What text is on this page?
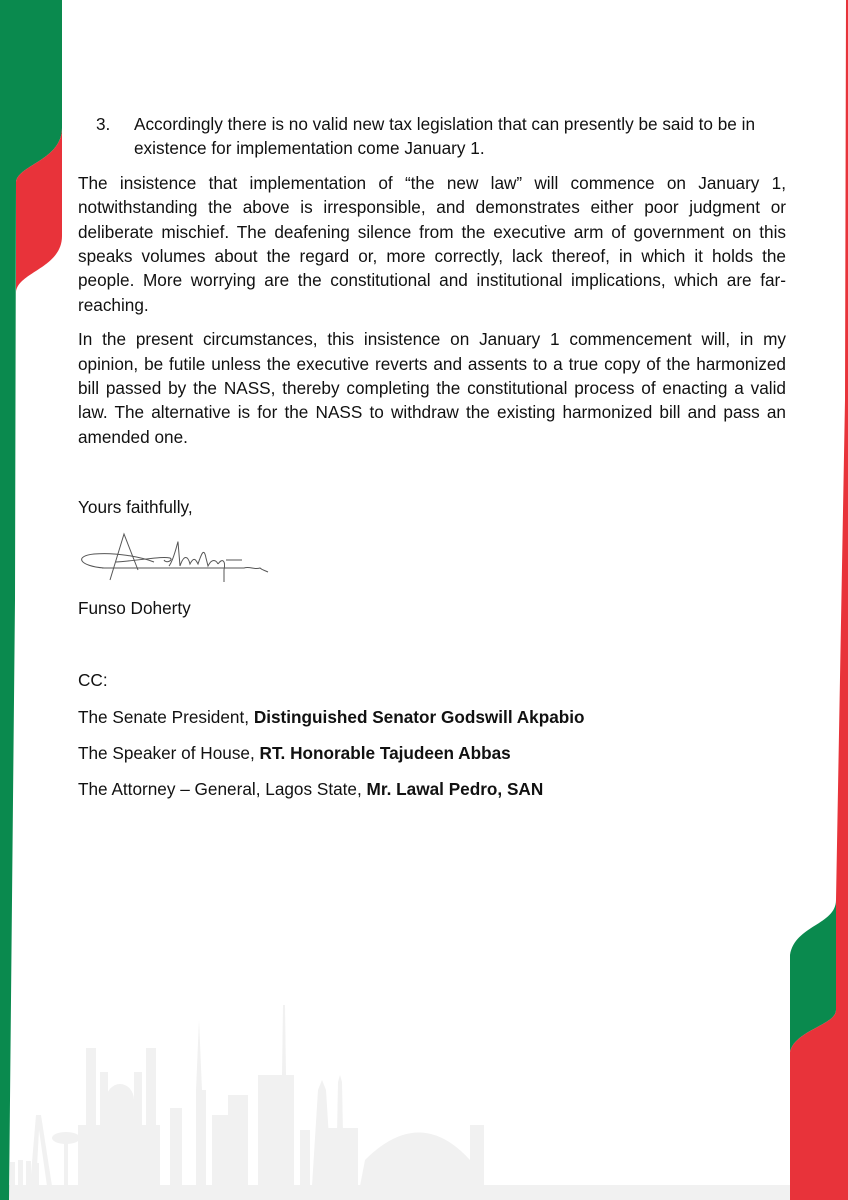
3.	Accordingly there is no valid new tax legislation that can presently be said to be in existence for implementation come January 1.

The insistence that implementation of “the new law” will commence on January 1, notwithstanding the above is irresponsible, and demonstrates either poor judgment or deliberate mischief. The deafening silence from the executive arm of government on this speaks volumes about the regard or, more correctly, lack thereof, in which it holds the people. More worrying are the constitutional and institutional implications, which are far-reaching.

In the present circumstances, this insistence on January 1 commencement will, in my opinion, be futile unless the executive reverts and assents to a true copy of the harmonized bill passed by the NASS, thereby completing the constitutional process of enacting a valid law. The alternative is for the NASS to withdraw the existing harmonized bill and pass an amended one.

Yours faithfully,

Funso Doherty

CC:

The Senate President, Distinguished Senator Godswill Akpabio

The Speaker of House, RT. Honorable Tajudeen Abbas

The Attorney – General, Lagos State, Mr. Lawal Pedro, SAN
